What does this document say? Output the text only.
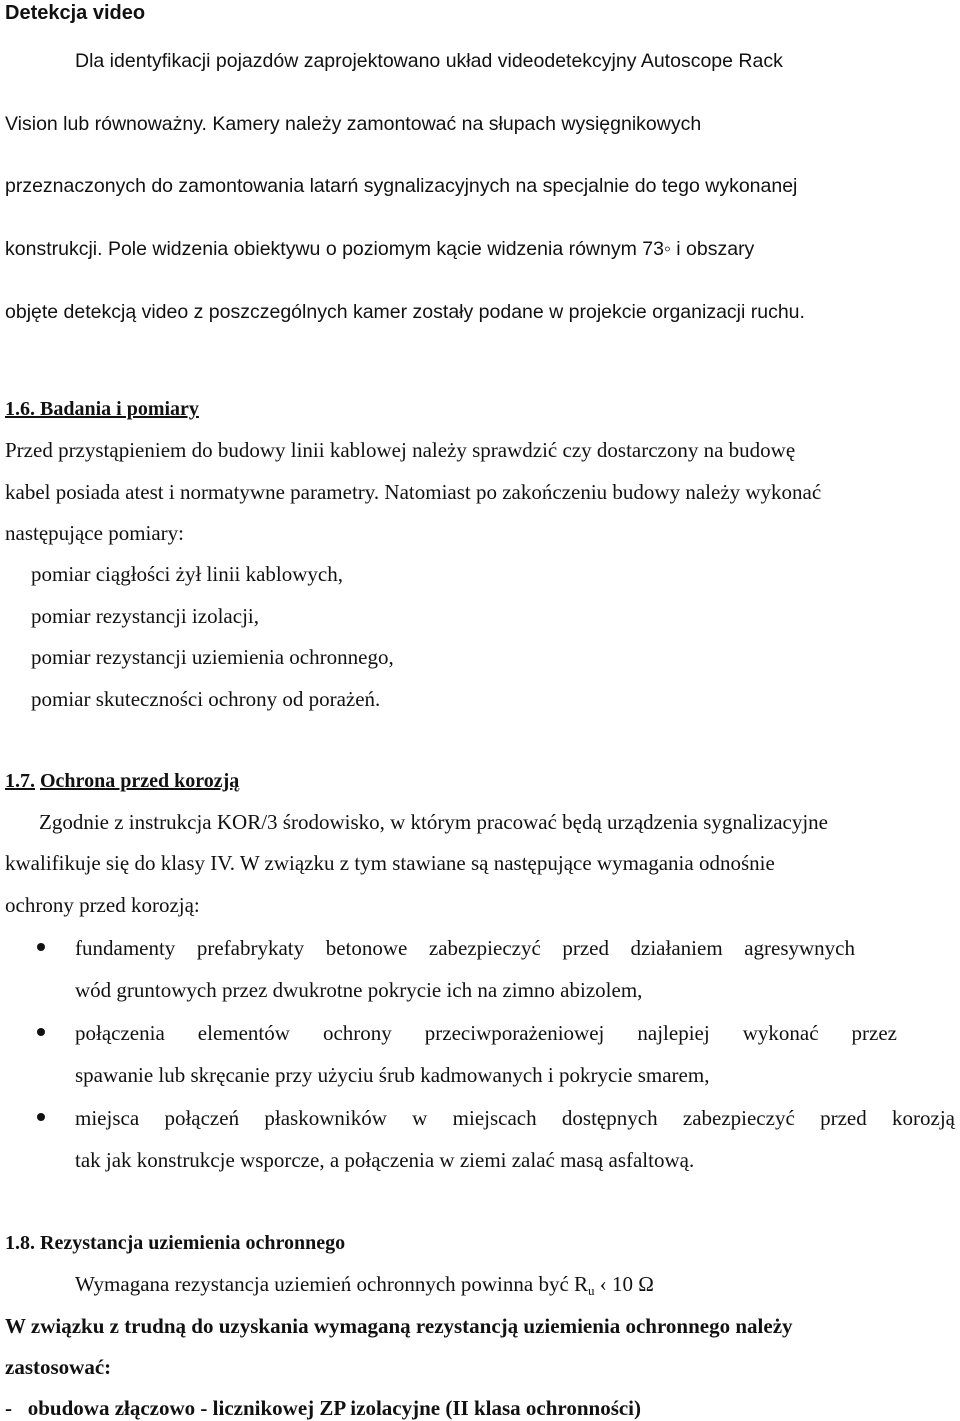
Detekcja video
Dla identyfikacji pojazdów zaprojektowano układ videodetekcyjny Autoscope Rack
Vision lub równoważny. Kamery należy zamontować na słupach wysięgnikowych
przeznaczonych do zamontowania latarń sygnalizacyjnych na specjalnie do tego wykonanej
konstrukcji. Pole widzenia obiektywu o poziomym kącie widzenia równym 73◦ i obszary
objęte detekcją video z poszczególnych kamer zostały podane w projekcie organizacji ruchu.
1.6. Badania i pomiary
Przed przystąpieniem do budowy linii kablowej należy sprawdzić czy dostarczony na budowę
kabel posiada atest i normatywne parametry. Natomiast po zakończeniu budowy należy wykonać
następujące pomiary:
pomiar ciągłości żył linii kablowych,
pomiar rezystancji izolacji,
pomiar rezystancji uziemienia ochronnego,
pomiar skuteczności ochrony od porażeń.
1.7. Ochrona przed korozją
Zgodnie z instrukcja KOR/3 środowisko, w którym pracować będą urządzenia sygnalizacyjne
kwalifikuje się do klasy IV. W związku z tym stawiane są następujące wymagania odnośnie
ochrony przed korozją:
fundamenty prefabrykaty betonowe zabezpieczyć przed działaniem agresywnych
wód gruntowych przez dwukrotne pokrycie ich na zimno abizolem,
połączenia elementów ochrony przeciwporażeniowej najlepiej wykonać przez
spawanie lub skręcanie przy użyciu śrub kadmowanych i pokrycie smarem,
miejsca połączeń płaskowników w miejscach dostępnych zabezpieczyć przed korozją
tak jak konstrukcje wsporcze, a połączenia w ziemi zalać masą asfaltową.
1.8. Rezystancja uziemienia ochronnego
Wymagana rezystancja uziemień ochronnych powinna być $R_u$ ‹ 10 Ω
W związku z trudną do uzyskania wymaganą rezystancją uziemienia ochronnego należy
zastosować:
-   obudowa złączowo - licznikowej ZP izolacyjne (II klasa ochronności)
